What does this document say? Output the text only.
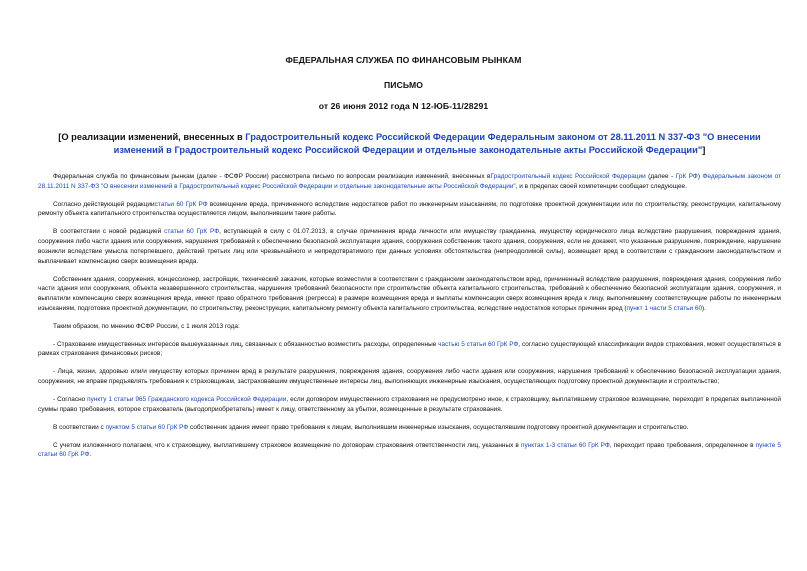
ФЕДЕРАЛЬНАЯ СЛУЖБА ПО ФИНАНСОВЫМ РЫНКАМ
ПИСЬМО
от 26 июня 2012 года N 12-ЮБ-11/28291
[О реализации изменений, внесенных в Градостроительный кодекс Российской Федерации Федеральным законом от 28.11.2011 N 337-ФЗ "О внесении изменений в Градостроительный кодекс Российской Федерации и отдельные законодательные акты Российской Федерации"]

Федеральная служба по финансовым рынкам (далее - ФСФР России) рассмотрела письмо по вопросам реализации изменений, внесенных вГрадостроительный кодекс Российской Федерации (далее - ГрК РФ) Федеральным законом от 28.11.2011 N 337-ФЗ "О внесении изменений в Градостроительный кодекс Российской Федерации и отдельные законодательные акты Российской Федерации", и в пределах своей компетенции сообщает следующее.

Согласно действующей редакциистатьи 60 ГрК РФ возмещение вреда, причиненного вследствие недостатков работ по инженерным изысканиям, по подготовке проектной документации или по строительству, реконструкции, капитальному ремонту объекта капитального строительства осуществляется лицом, выполнившим такие работы.

В соответствии с новой редакцией статьи 60 ГрК РФ, вступающей в силу с 01.07.2013, в случае причинения вреда личности или имуществу гражданина, имуществу юридического лица вследствие разрушения, повреждения здания, сооружения либо части здания или сооружения, нарушения требований к обеспечению безопасной эксплуатации здания, сооружения собственник такого здания, сооружения, если не докажет, что указанные разрушение, повреждение, нарушение возникли вследствие умысла потерпевшего, действий третьих лиц или чрезвычайного и непредотвратимого при данных условиях обстоятельства (непреодолимой силы), возмещает вред в соответствии с гражданским законодательством и выплачивает компенсацию сверх возмещения вреда.

Собственник здания, сооружения, концессионер, застройщик, технический заказчик, которые возместили в соответствии с гражданским законодательством вред, причиненный вследствие разрушения, повреждения здания, сооружения либо части здания или сооружения, объекта незавершенного строительства, нарушения требований безопасности при строительстве объекта капитального строительства, требований к обеспечению безопасной эксплуатации здания, сооружения, и выплатили компенсацию сверх возмещения вреда, имеют право обратного требования (регресса) в размере возмещения вреда и выплаты компенсации сверх возмещения вреда к лицу, выполнившему соответствующие работы по инженерным изысканиям, подготовке проектной документации, по строительству, реконструкции, капитальному ремонту объекта капитального строительства, вследствие недостатков которых причинен вред (пункт 1 части 5 статьи 60).

Таким образом, по мнению ФСФР России, с 1 июля 2013 года:

- Страхование имущественных интересов вышеуказанных лиц, связанных с обязанностью возместить расходы, определенные частью 5 статьи 60 ГрК РФ, согласно существующей классификации видов страхования, может осуществляться в рамках страхования финансовых рисков;

- Лица, жизни, здоровью или/и имуществу которых причинен вред в результате разрушения, повреждения здания, сооружения либо части здания или сооружения, нарушения требований к обеспечению безопасной эксплуатации здания, сооружения, не вправе предъявлять требования к страховщикам, застраховавшим имущественные интересы лиц, выполняющих инженерные изыскания, осуществляющих подготовку проектной документации и строительство;

- Согласно пункту 1 статьи 965 Гражданского кодекса Российской Федерации, если договором имущественного страхования не предусмотрено иное, к страховщику, выплатившему страховое возмещение, переходит в пределах выплаченной суммы право требования, которое страхователь (выгодоприобретатель) имеет к лицу, ответственному за убытки, возмещенные в результате страхования.

В соответствии с пунктом 5 статьи 60 ГрК РФ собственник здания имеет право требования к лицам, выполнившим инженерные изыскания, осуществлявшим подготовку проектной документации и строительство.

С учетом изложенного полагаем, что к страховщику, выплатившему страховое возмещение по договорам страхования ответственности лиц, указанных в пунктах 1-3 статьи 60 ГрК РФ, переходит право требования, определенное в пункте 5 статьи 60 ГрК РФ.
